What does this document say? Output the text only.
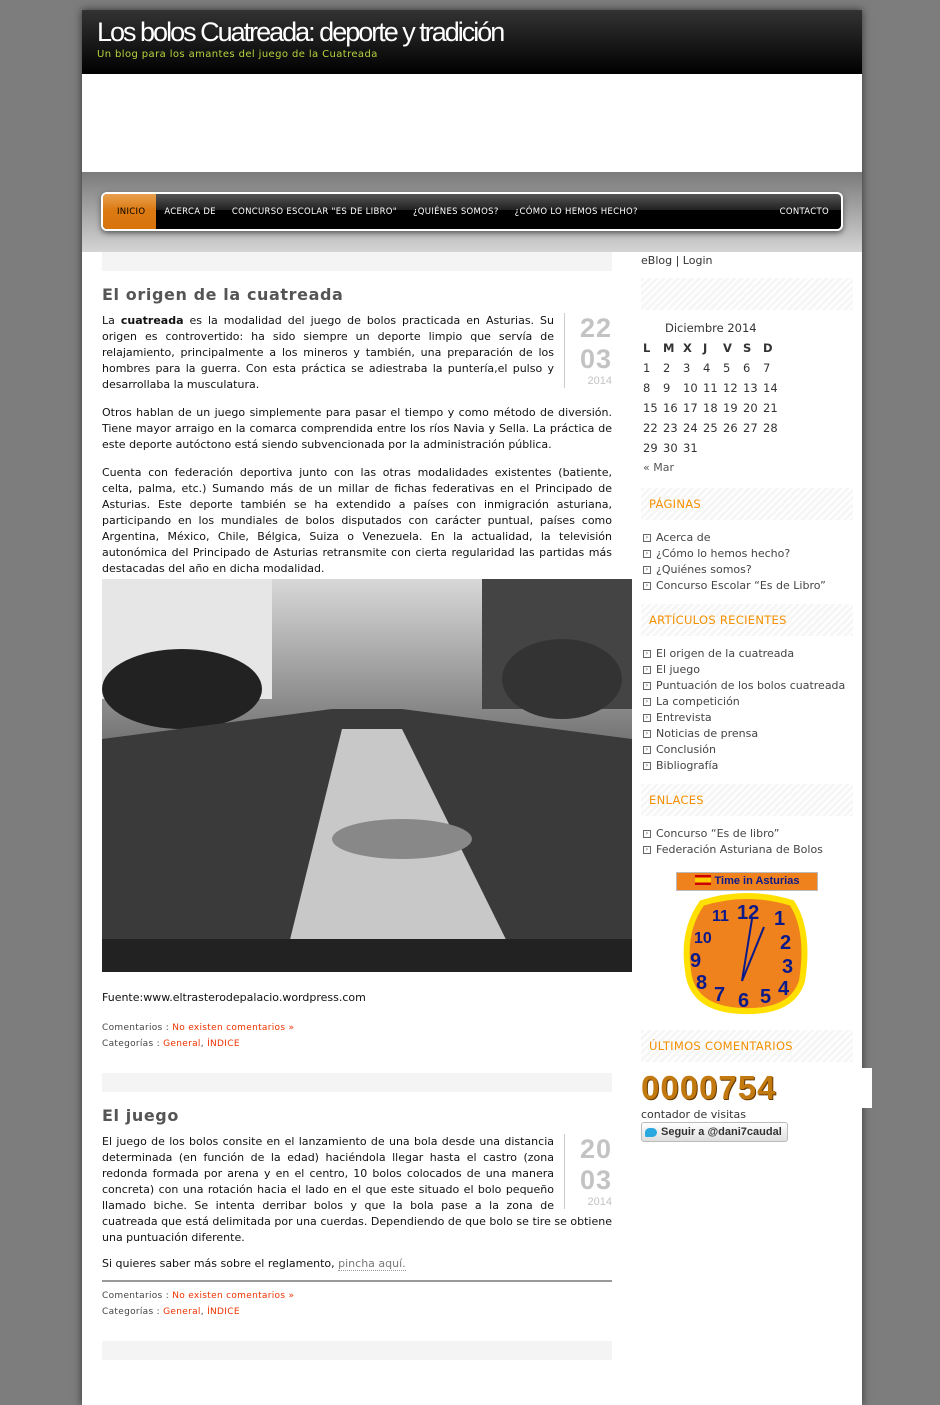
Los bolos Cuatreada: deporte y tradición
Un blog para los amantes del juego de la Cuatreada
INICIO	ACERCA DE	CONCURSO ESCOLAR "ES DE LIBRO"	¿QUIÉNES SOMOS?	¿CÓMO LO HEMOS HECHO?	CONTACTO
El origen de la cuatreada
22
03
2014

La cuatreada es la modalidad del juego de bolos practicada en Asturias. Su origen es controvertido: ha sido siempre un deporte limpio que servía de relajamiento, principalmente a los mineros y también, una preparación de los hombres para la guerra. Con esta práctica se adiestraba la puntería,el pulso y desarrollaba la musculatura.

Otros hablan de un juego simplemente para pasar el tiempo y como método de diversión. Tiene mayor arraigo en la comarca comprendida entre los ríos Navia y Sella. La práctica de este deporte autóctono está siendo subvencionada por la administración pública.

Cuenta con federación deportiva junto con las otras modalidades existentes (batiente, celta, palma, etc.) Sumando más de un millar de fichas federativas en el Principado de Asturias. Este deporte también se ha extendido a países con inmigración asturiana, participando en los mundiales de bolos disputados con carácter puntual, países como Argentina, México, Chile, Bélgica, Suiza o Venezuela. En la actualidad, la televisión autonómica del Principado de Asturias retransmite con cierta regularidad las partidas más destacadas del año en dicha modalidad.

Fuente:www.eltrasterodepalacio.wordpress.com

Comentarios : No existen comentarios »
Categorías : General, ÍNDICE
El juego
20
03
2014

El juego de los bolos consite en el lanzamiento de una bola desde una distancia determinada (en función de la edad) haciéndola llegar hasta el castro (zona redonda formada por arena y en el centro, 10 bolos colocados de una manera concreta) con una rotación hacia el lado en el que este situado el bolo pequeño llamado biche. Se intenta derribar bolos y que la bola pase a la zona de cuatreada que está delimitada por una cuerdas. Dependiendo de que bolo se tire se obtiene una puntuación diferente.

Si quieres saber más sobre el reglamento, pincha aquí.

Comentarios : No existen comentarios »
Categorías : General, ÍNDICE
eBlog | Login
Diciembre 2014
L	M	X	J	V	S	D
1	2	3	4	5	6	7
8	9	10	11	12	13	14
15	16	17	18	19	20	21
22	23	24	25	26	27	28
29	30	31				
« Mar
PÁGINAS
› Acerca de
› ¿Cómo lo hemos hecho?
› ¿Quiénes somos?
› Concurso Escolar “Es de Libro”
ARTÍCULOS RECIENTES
› El origen de la cuatreada
› El juego
› Puntuación de los bolos cuatreada
› La competición
› Entrevista
› Noticias de prensa
› Conclusión
› Bibliografía
ENLACES
› Concurso “Es de libro”
› Federación Asturiana de Bolos
Time in Asturias
12
11 1
2
3
4
5
6
7
8
9
10
ÚLTIMOS COMENTARIOS
0000754
contador de visitas
Seguir a @dani7caudal
